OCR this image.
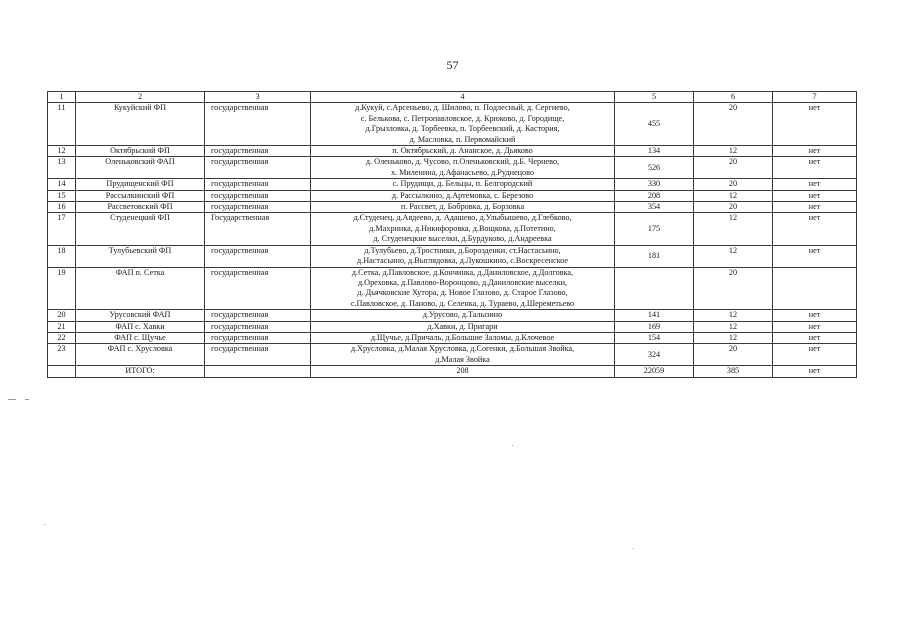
57
1	2	3	4	5	6	7
11	Кукуйский ФП	государственная	д.Кукуй, с.Арсеньево, д. Шилово, п. Подлесный, д. Сергиево,
с. Белькова, с. Петропавловское, д. Крюково, д. Городище,
д.Грызловка, д. Торбеевка, п. Торбеевский, д. Кастория,
д. Масловка, п. Первомайский	455	20	нет
12	Октябрьский ФП	государственная	п. Октябрьский, д. Ананское, д. Дьяково	134	12	нет
13	Оленьковский ФАП	государственная	д. Оленьково, д. Чусово, п.Оленьковский, д.Б. Чернево,
х. Миленина, д.Афанасьево, д.Руднецово	526	20	нет
14	Прудищенский ФП	государственная	с. Прудищи, д. Бельцы, п. Белгородский	330	20	нет
15	Рассылкинский ФП	государственная	д. Рассылкино, д.Артемовка, с. Березово	208	12	нет
16	Рассветовский ФП	государственная	п. Рассвет, д. Бобровка, д. Борзовка	354	20	нет
17	Студенецкий ФП	Государственная	д.Студенец, д.Авдеево, д. Адашево, д.Улыбышево, д.Глебково,
д.Махринка, д.Никифоровка, д.Вощкова, д.Потетино,
д. Студенецкие выселки, д.Бурдуково, д.Андреевка	175	12	нет
18	Тулубьевский ФП	государственная	д.Тулубьево, д.Тростники, д.Борозденки, ст.Настасьино,
д.Настасьино, д.Выглядовка, д.Лукошкино, с.Воскресенское	181	12	нет
19	ФАП п. Сетка	государственная	д.Сетка, д.Павловское, д.Кончинка, д.Даниловское, д.Долговка,
д.Ореховка, д.Павлово-Воронцово, д.Даниловские выселки,
д. Дьячковские Хутора, д. Новое Глазово, д. Старое Глазово,
с.Павловское, д. Паново, д. Селенка, д. Тураево, д.Шереметьево		20	
20	Урусовский ФАП	государственная	д.Урусово, д.Талызино	141	12	нет
21	ФАП с. Хавки	государственная	д.Хавки, д. Пригари	169	12	нет
22	ФАП с. Щучье	государственная	д.Щучье, д.Причаль, д.Большие Заломы, д.Клочевое	154	12	нет
23	ФАП с. Хрусловка	государственная	д.Хрусловка, д.Малая Хрусловка, д.Согенки, д.Большая Звойка,
д.Малая Звойка	324	20	нет
	ИТОГО:		208	22059	385	нет
